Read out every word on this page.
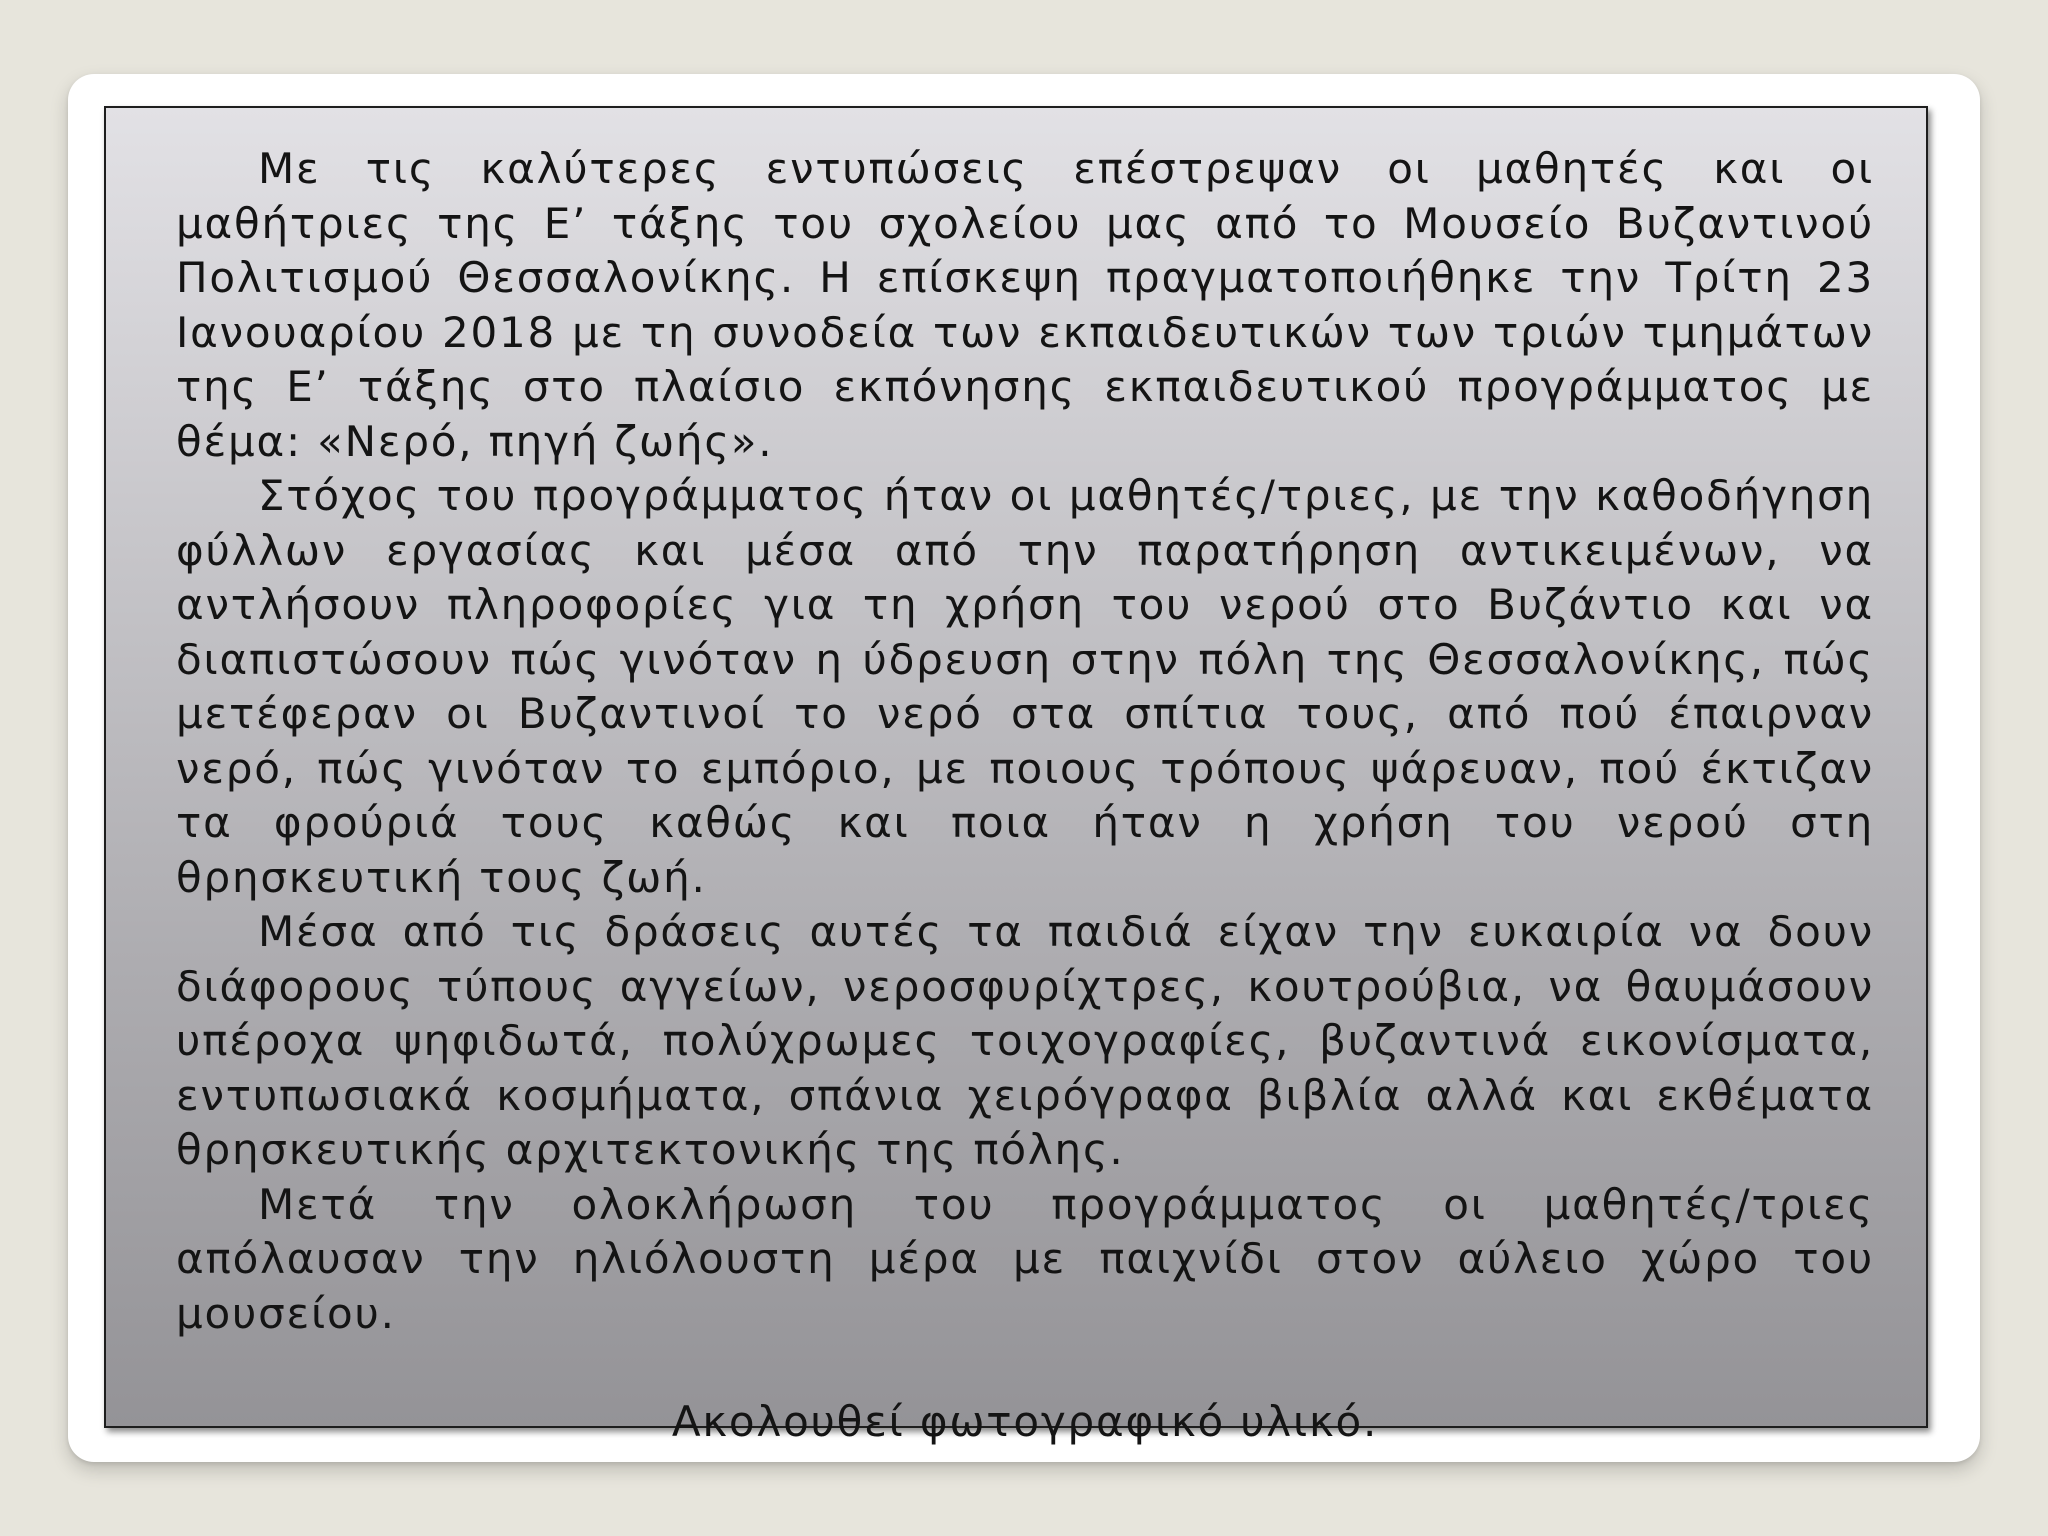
Με τις καλύτερες εντυπώσεις επέστρεψαν οι μαθητές και οι μαθήτριες της Ε’ τάξης του σχολείου μας από το Μουσείο Βυζαντινού Πολιτισμού Θεσσαλονίκης. Η επίσκεψη πραγματοποιήθηκε την Τρίτη 23 Ιανουαρίου 2018 με τη συνοδεία των εκπαιδευτικών των τριών τμημάτων της Ε’ τάξης στο πλαίσιο εκπόνησης εκπαιδευτικού προγράμματος με θέμα: «Νερό, πηγή ζωής».

Στόχος του προγράμματος ήταν οι μαθητές/τριες, με την καθοδήγηση φύλλων εργασίας και μέσα από την παρατήρηση αντικειμένων, να αντλήσουν πληροφορίες για τη χρήση του νερού στο Βυζάντιο και να διαπιστώσουν πώς γινόταν η ύδρευση στην πόλη της Θεσσαλονίκης, πώς μετέφεραν οι Βυζαντινοί το νερό στα σπίτια τους, από πού έπαιρναν νερό, πώς γινόταν το εμπόριο, με ποιους τρόπους ψάρευαν, πού έκτιζαν τα φρούριά τους καθώς και ποια ήταν η χρήση του νερού στη θρησκευτική τους ζωή.

Μέσα από τις δράσεις αυτές τα παιδιά είχαν την ευκαιρία να δουν διάφορους τύπους αγγείων, νεροσφυρίχτρες, κουτρούβια, να θαυμάσουν υπέροχα ψηφιδωτά, πολύχρωμες τοιχογραφίες, βυζαντινά εικονίσματα, εντυπωσιακά κοσμήματα, σπάνια χειρόγραφα βιβλία αλλά και εκθέματα θρησκευτικής αρχιτεκτονικής της πόλης.

Μετά την ολοκλήρωση του προγράμματος οι μαθητές/τριες απόλαυσαν την ηλιόλουστη μέρα με παιχνίδι στον αύλειο χώρο του μουσείου.

Ακολουθεί φωτογραφικό υλικό.
